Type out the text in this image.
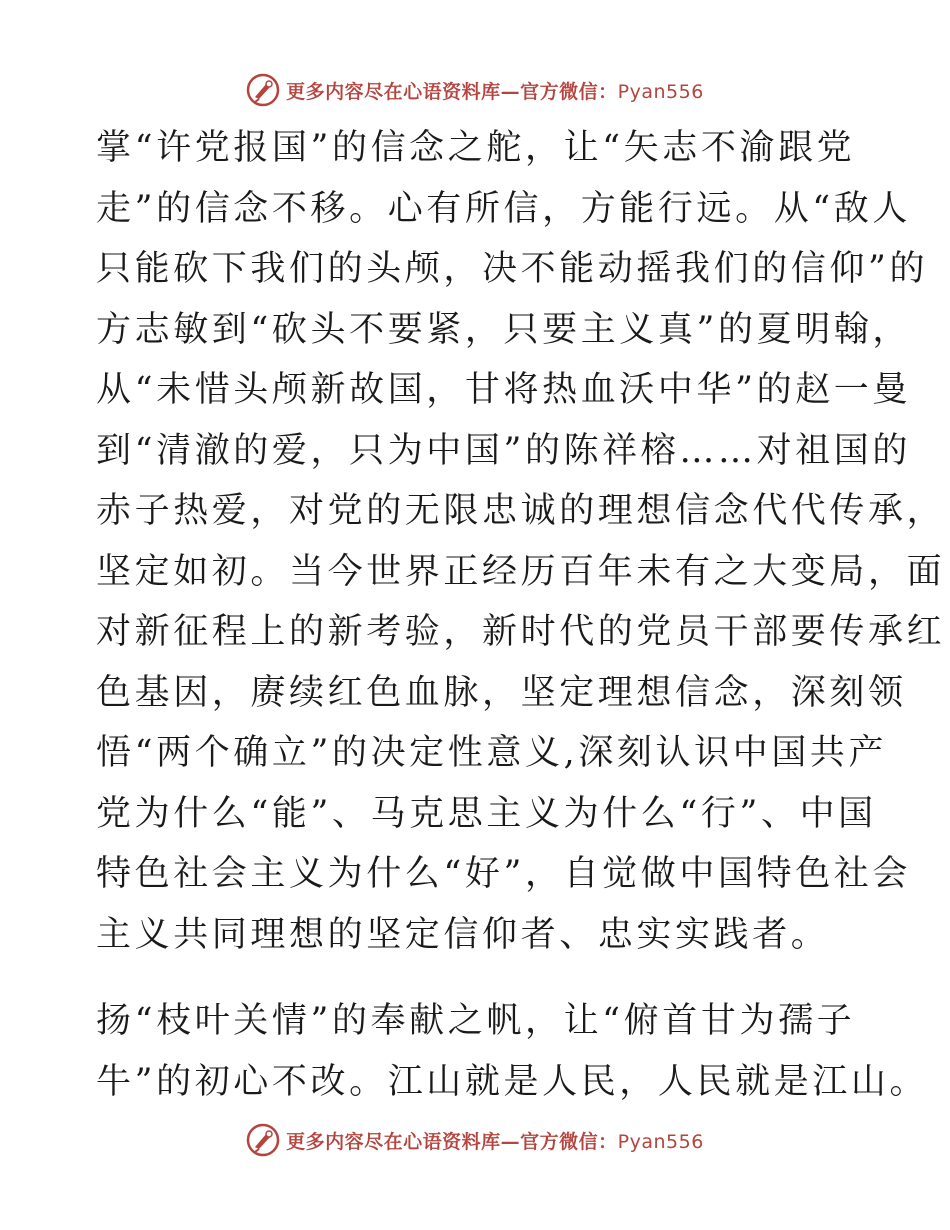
更多内容尽在心语资料库—官方微信：Pyan556

掌“许党报国”的信念之舵，让“矢志不渝跟党
走”的信念不移。心有所信，方能行远。从“敌人
只能砍下我们的头颅，决不能动摇我们的信仰”的
方志敏到“砍头不要紧，只要主义真”的夏明翰，
从“未惜头颅新故国，甘将热血沃中华”的赵一曼
到“清澈的爱，只为中国”的陈祥榕……对祖国的
赤子热爱，对党的无限忠诚的理想信念代代传承，
坚定如初。当今世界正经历百年未有之大变局，面
对新征程上的新考验，新时代的党员干部要传承红
色基因，赓续红色血脉，坚定理想信念，深刻领
悟“两个确立”的决定性意义,深刻认识中国共产
党为什么“能”、马克思主义为什么“行”、中国
特色社会主义为什么“好”，自觉做中国特色社会
主义共同理想的坚定信仰者、忠实实践者。

扬“枝叶关情”的奉献之帆，让“俯首甘为孺子
牛”的初心不改。江山就是人民，人民就是江山。

更多内容尽在心语资料库—官方微信：Pyan556
